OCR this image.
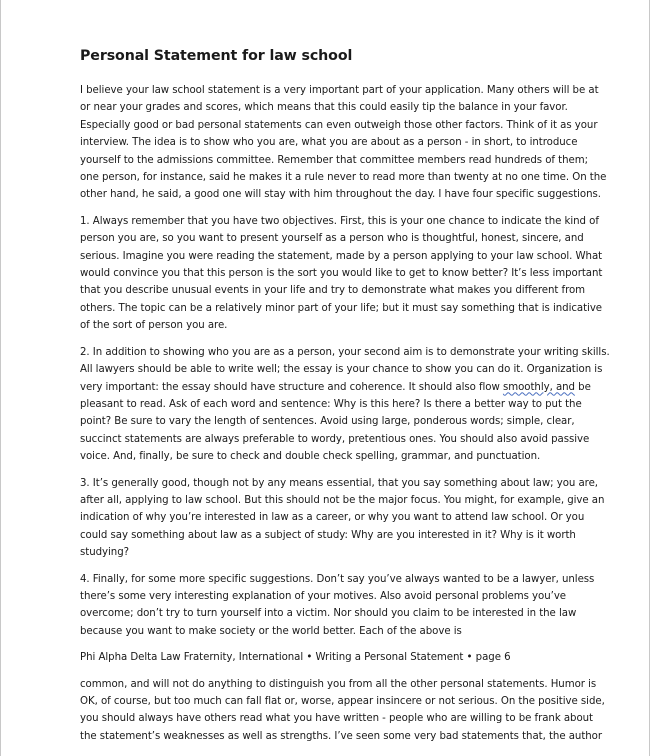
Personal Statement for law school
I believe your law school statement is a very important part of your application. Many others will be at
or near your grades and scores, which means that this could easily tip the balance in your favor.
Especially good or bad personal statements can even outweigh those other factors. Think of it as your
interview. The idea is to show who you are, what you are about as a person - in short, to introduce
yourself to the admissions committee. Remember that committee members read hundreds of them;
one person, for instance, said he makes it a rule never to read more than twenty at no one time. On the
other hand, he said, a good one will stay with him throughout the day. I have four specific suggestions.
1. Always remember that you have two objectives. First, this is your one chance to indicate the kind of
person you are, so you want to present yourself as a person who is thoughtful, honest, sincere, and
serious. Imagine you were reading the statement, made by a person applying to your law school. What
would convince you that this person is the sort you would like to get to know better? It’s less important
that you describe unusual events in your life and try to demonstrate what makes you different from
others. The topic can be a relatively minor part of your life; but it must say something that is indicative
of the sort of person you are.
2. In addition to showing who you are as a person, your second aim is to demonstrate your writing skills.
All lawyers should be able to write well; the essay is your chance to show you can do it. Organization is
very important: the essay should have structure and coherence. It should also flow smoothly, and be
pleasant to read. Ask of each word and sentence: Why is this here? Is there a better way to put the
point? Be sure to vary the length of sentences. Avoid using large, ponderous words; simple, clear,
succinct statements are always preferable to wordy, pretentious ones. You should also avoid passive
voice. And, finally, be sure to check and double check spelling, grammar, and punctuation.
3. It’s generally good, though not by any means essential, that you say something about law; you are,
after all, applying to law school. But this should not be the major focus. You might, for example, give an
indication of why you’re interested in law as a career, or why you want to attend law school. Or you
could say something about law as a subject of study: Why are you interested in it? Why is it worth
studying?
4. Finally, for some more specific suggestions. Don’t say you’ve always wanted to be a lawyer, unless
there’s some very interesting explanation of your motives. Also avoid personal problems you’ve
overcome; don’t try to turn yourself into a victim. Nor should you claim to be interested in the law
because you want to make society or the world better. Each of the above is
Phi Alpha Delta Law Fraternity, International • Writing a Personal Statement • page 6
common, and will not do anything to distinguish you from all the other personal statements. Humor is
OK, of course, but too much can fall flat or, worse, appear insincere or not serious. On the positive side,
you should always have others read what you have written - people who are willing to be frank about
the statement’s weaknesses as well as strengths. I’ve seen some very bad statements that, the author
